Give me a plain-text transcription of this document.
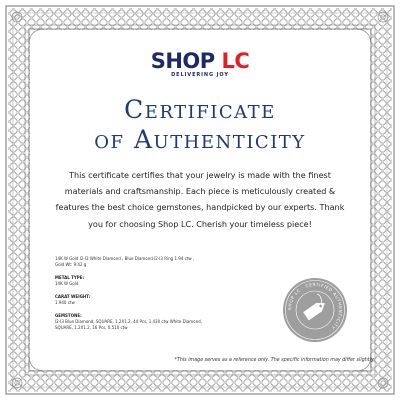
SHOP LC
DELIVERING JOY
Certificate
of Authenticity
This certificate certifies that your jewelry is made with the finest materials and craftsmanship. Each piece is meticulously created & features the best choice gemstones, handpicked by our experts. Thank you for choosing Shop LC. Cherish your timeless piece!
14K W Gold I2-I3 White Diamond , Blue Diamond I2-I3 Ring 1.94 ctw ,
Gold Wt: 9.42 g
METAL TYPE:
14K W Gold
CARAT WEIGHT:
1.940 ctw
GEMSTONE:
I2-I3 Blue Diamond, SQUARE, 1.2X1.2, 44 Pcs, 1.430 ctw White Diamond,
SQUARE, 1.2X1.2, 16 Pcs, 0.510 ctw
SHOP LC · CERTIFIED AUTHENTICITY ·
*This image serves as a reference only. The specific information may differ slightly.
